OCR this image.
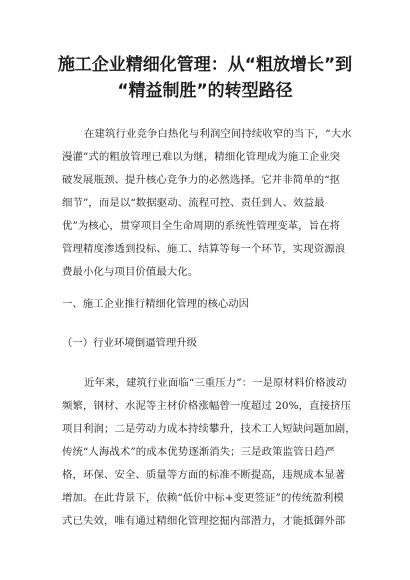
施工企业精细化管理：从“粗放增长”到
“精益制胜”的转型路径
在建筑行业竞争白热化与利润空间持续收窄的当下，“大水
漫灌”式的粗放管理已难以为继，精细化管理成为施工企业突
破发展瓶颈、提升核心竞争力的必然选择。它并非简单的“抠
细节”，而是以“数据驱动、流程可控、责任到人、效益最
优”为核心，贯穿项目全生命周期的系统性管理变革，旨在将
管理精度渗透到投标、施工、结算等每一个环节，实现资源浪
费最小化与项目价值最大化。
一、施工企业推行精细化管理的核心动因
（一）行业环境倒逼管理升级
近年来，建筑行业面临“三重压力”：一是原材料价格波动
频繁，钢材、水泥等主材价格涨幅曾一度超过 20%，直接挤压
项目利润；二是劳动力成本持续攀升，技术工人短缺问题加剧，
传统“人海战术”的成本优势逐渐消失；三是政策监管日趋严
格，环保、安全、质量等方面的标准不断提高，违规成本显著
增加。在此背景下，依赖“低价中标+变更签证”的传统盈利模
式已失效，唯有通过精细化管理挖掘内部潜力，才能抵御外部
